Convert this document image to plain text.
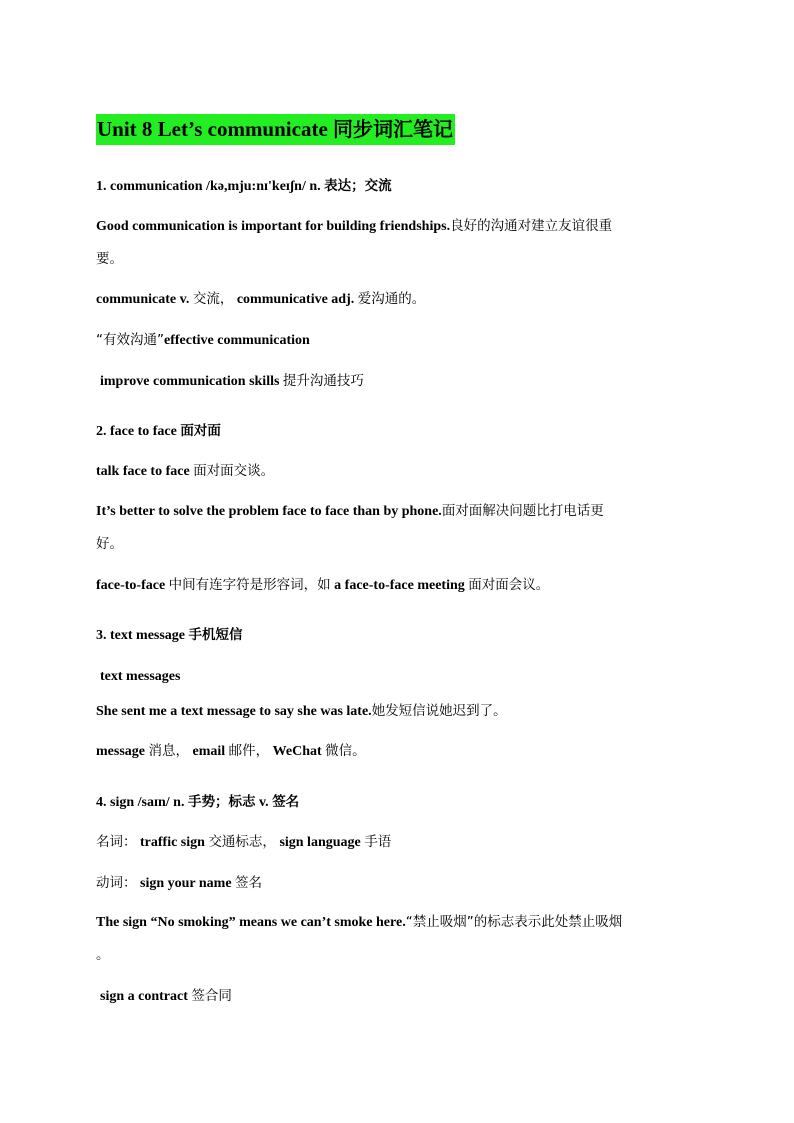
Unit 8 Let’s communicate 同步词汇笔记
1. communication /kə,mju:nɪ'keɪʃn/ n. 表达；交流
Good communication is important for building friendships.良好的沟通对建立友谊很重
要。
communicate v. 交流， communicative adj. 爱沟通的。
“有效沟通”effective communication
improve communication skills 提升沟通技巧
2. face to face 面对面
talk face to face 面对面交谈。
It’s better to solve the problem face to face than by phone.面对面解决问题比打电话更
好。
face-to-face 中间有连字符是形容词，如 a face-to-face meeting 面对面会议。
3. text message 手机短信
text messages
She sent me a text message to say she was late.她发短信说她迟到了。
message 消息， email 邮件， WeChat 微信。
4. sign /saɪn/ n. 手势；标志 v. 签名
名词： traffic sign 交通标志， sign language 手语
动词： sign your name 签名
The sign “No smoking” means we can’t smoke here.“禁止吸烟”的标志表示此处禁止吸烟
。
sign a contract 签合同
